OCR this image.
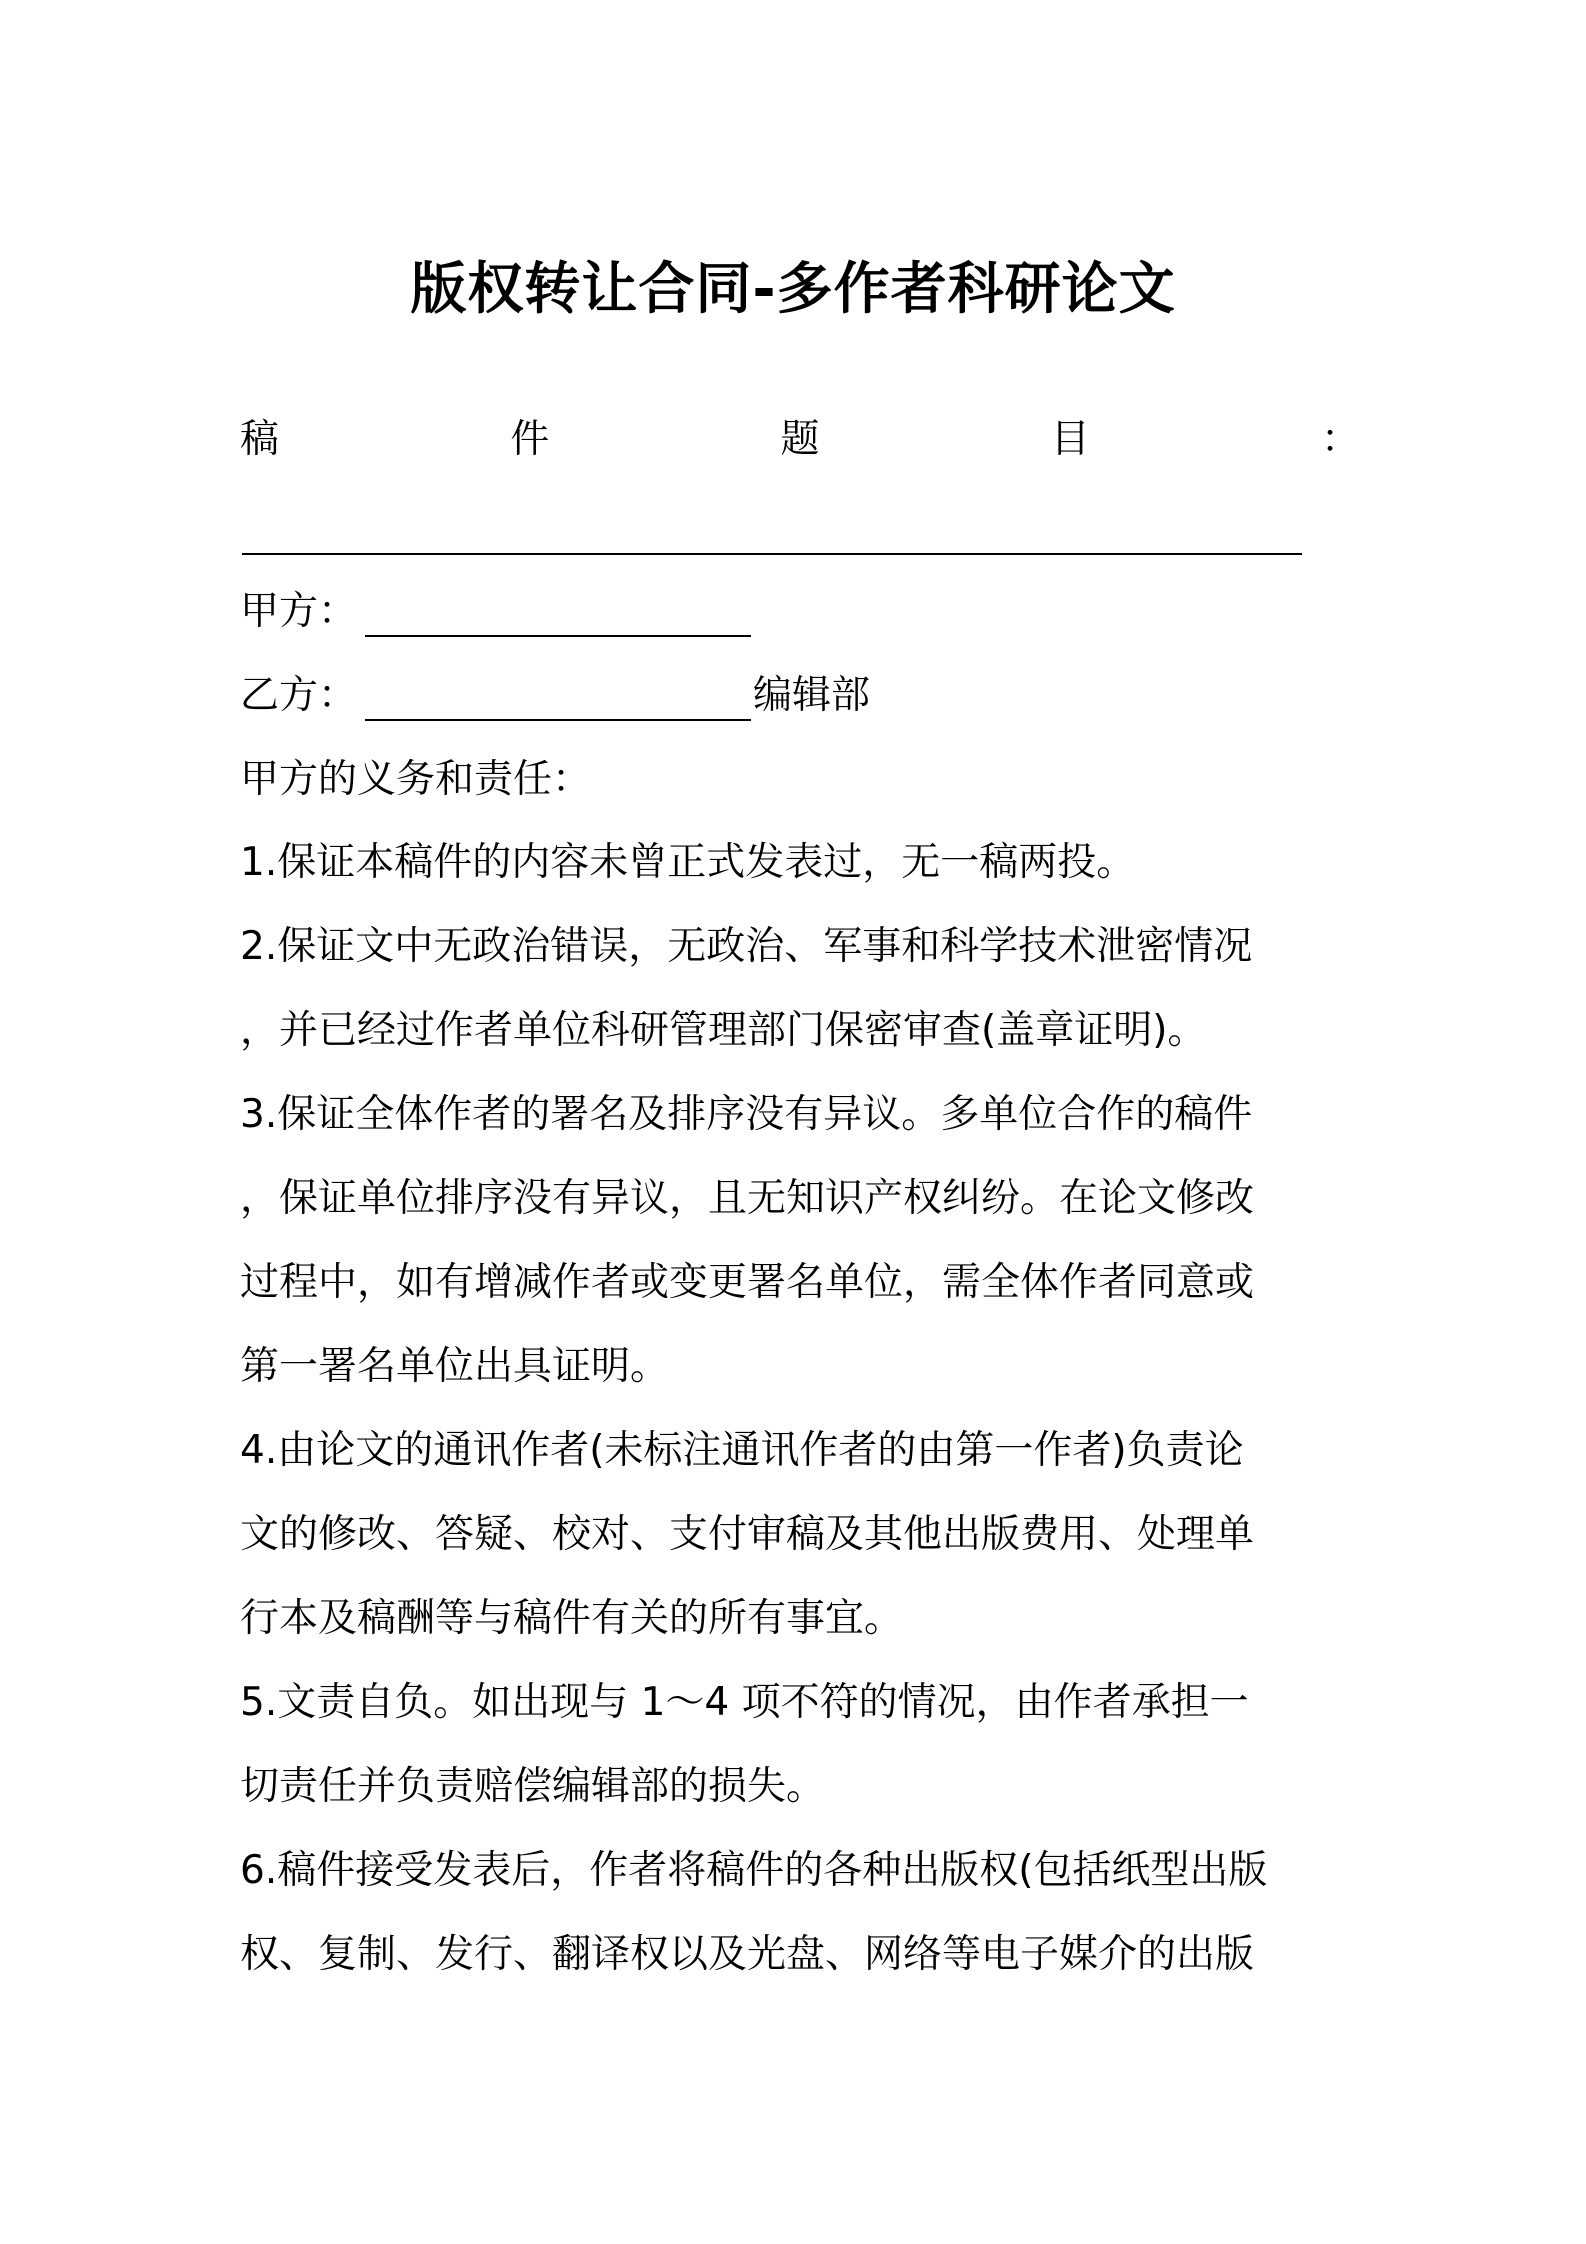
版权转让合同-多作者科研论文
稿	件	题	目	：
甲方：
乙方：	编辑部
甲方的义务和责任：
1.保证本稿件的内容未曾正式发表过，无一稿两投。
2.保证文中无政治错误，无政治、军事和科学技术泄密情况
，并已经过作者单位科研管理部门保密审查(盖章证明)。
3.保证全体作者的署名及排序没有异议。多单位合作的稿件
，保证单位排序没有异议，且无知识产权纠纷。在论文修改
过程中，如有增减作者或变更署名单位，需全体作者同意或
第一署名单位出具证明。
4.由论文的通讯作者(未标注通讯作者的由第一作者)负责论
文的修改、答疑、校对、支付审稿及其他出版费用、处理单
行本及稿酬等与稿件有关的所有事宜。
5.文责自负。如出现与 1～4 项不符的情况，由作者承担一
切责任并负责赔偿编辑部的损失。
6.稿件接受发表后，作者将稿件的各种出版权(包括纸型出版
权、复制、发行、翻译权以及光盘、网络等电子媒介的出版
